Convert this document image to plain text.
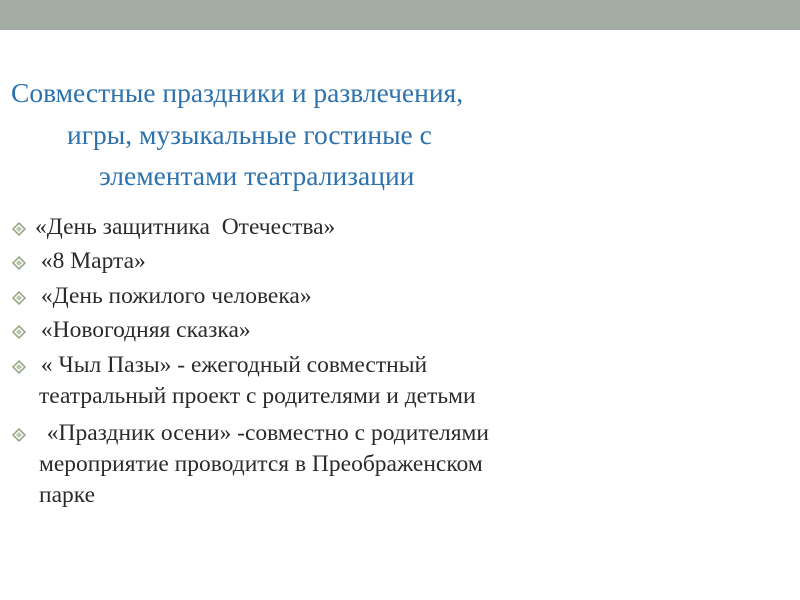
Совместные праздники и развлечения,
игры, музыкальные гостиные с
элементами театрализации

«День защитника  Отечества»

«8 Марта»

«День пожилого человека»

«Новогодняя сказка»

« Чыл Пазы» - ежегодный совместный

театральный проект с родителями и детьми

«Праздник осени» -совместно с родителями

мероприятие проводится в Преображенском

парке
